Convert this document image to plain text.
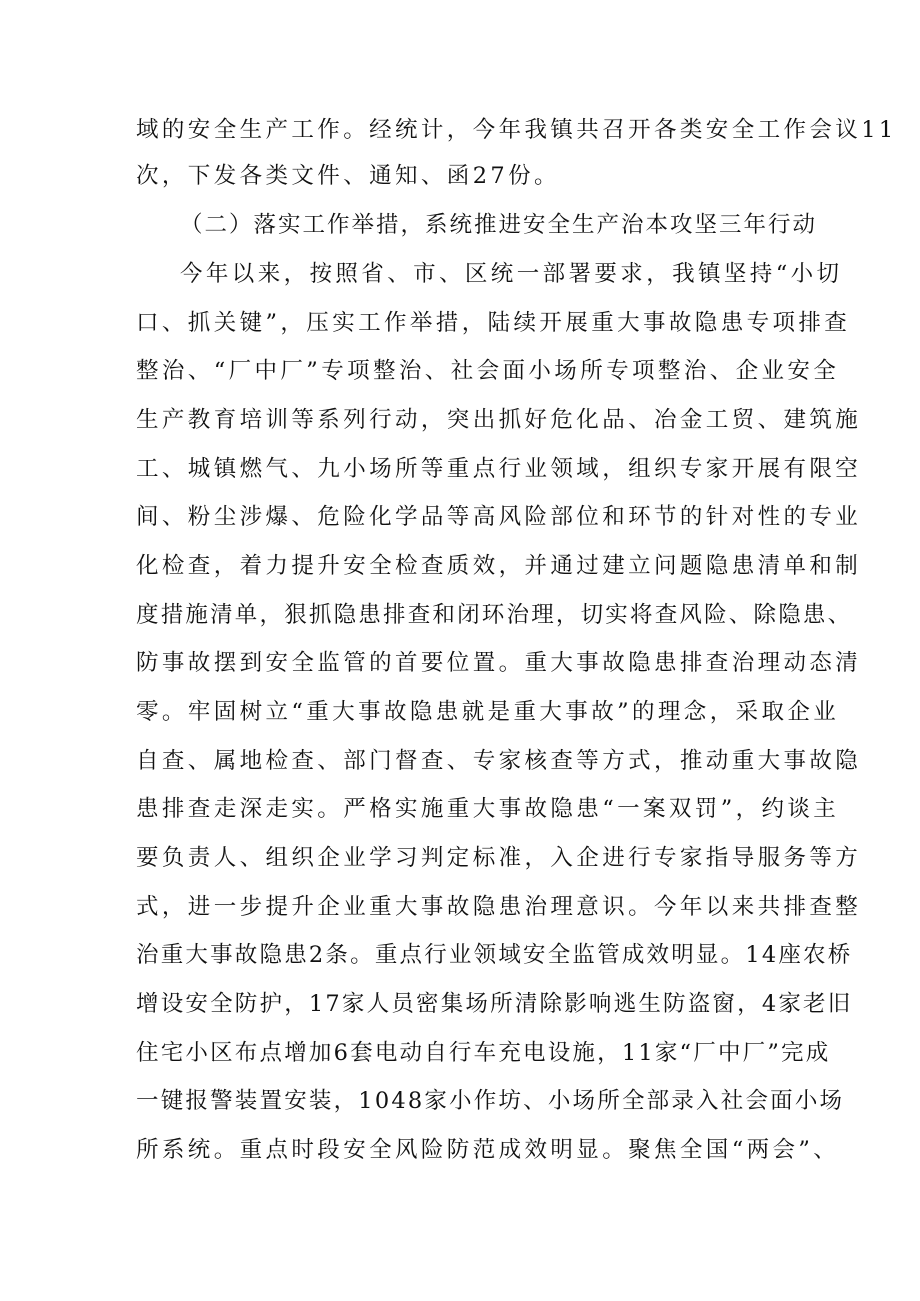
域的安全生产工作。经统计，今年我镇共召开各类安全工作会议11
次，下发各类文件、通知、函27份。
（二）落实工作举措，系统推进安全生产治本攻坚三年行动
今年以来，按照省、市、区统一部署要求，我镇坚持“小切
口、抓关键”，压实工作举措，陆续开展重大事故隐患专项排查
整治、“厂中厂”专项整治、社会面小场所专项整治、企业安全
生产教育培训等系列行动，突出抓好危化品、冶金工贸、建筑施
工、城镇燃气、九小场所等重点行业领域，组织专家开展有限空
间、粉尘涉爆、危险化学品等高风险部位和环节的针对性的专业
化检查，着力提升安全检查质效，并通过建立问题隐患清单和制
度措施清单，狠抓隐患排查和闭环治理，切实将查风险、除隐患、
防事故摆到安全监管的首要位置。重大事故隐患排查治理动态清
零。牢固树立“重大事故隐患就是重大事故”的理念，采取企业
自查、属地检查、部门督查、专家核查等方式，推动重大事故隐
患排查走深走实。严格实施重大事故隐患“一案双罚”，约谈主
要负责人、组织企业学习判定标准，入企进行专家指导服务等方
式，进一步提升企业重大事故隐患治理意识。今年以来共排查整
治重大事故隐患2条。重点行业领域安全监管成效明显。14座农桥
增设安全防护，17家人员密集场所清除影响逃生防盗窗，4家老旧
住宅小区布点增加6套电动自行车充电设施，11家“厂中厂”完成
一键报警装置安装，1048家小作坊、小场所全部录入社会面小场
所系统。重点时段安全风险防范成效明显。聚焦全国“两会”、
